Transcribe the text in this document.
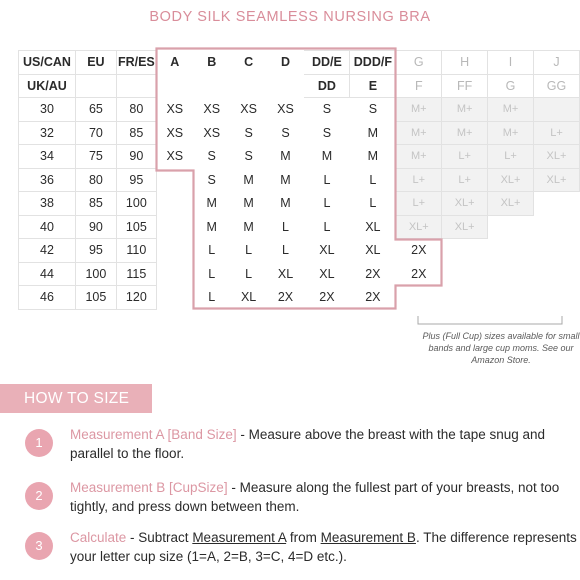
BODY SILK SEAMLESS NURSING BRA
US/CAN	EU	FR/ES	A	B	C	D	DD/E	DDD/F	G	H	I	J
UK/AU							DD	E	F	FF	G	GG
30	65	80	XS	XS	XS	XS	S	S	M+	M+	M+	
32	70	85	XS	XS	S	S	S	M	M+	M+	M+	L+
34	75	90	XS	S	S	M	M	M	M+	L+	L+	XL+
36	80	95		S	M	M	L	L	L+	L+	XL+	XL+
38	85	100		M	M	M	L	L	L+	XL+	XL+	
40	90	105		M	M	L	L	XL	XL+	XL+		
42	95	110		L	L	L	XL	XL	2X			
44	100	115		L	L	XL	XL	2X	2X			
46	105	120		L	XL	2X	2X	2X				
Plus (Full Cup) sizes available for small bands and large cup moms. See our Amazon Store.
HOW TO SIZE
1
Measurement A [Band Size] - Measure above the breast with the tape snug and parallel to the floor.
2
Measurement B [CupSize] - Measure along the fullest part of your breasts, not too tightly, and press down between them.
3
Calculate - Subtract Measurement A from Measurement B. The difference represents your letter cup size (1=A, 2=B, 3=C, 4=D etc.).
